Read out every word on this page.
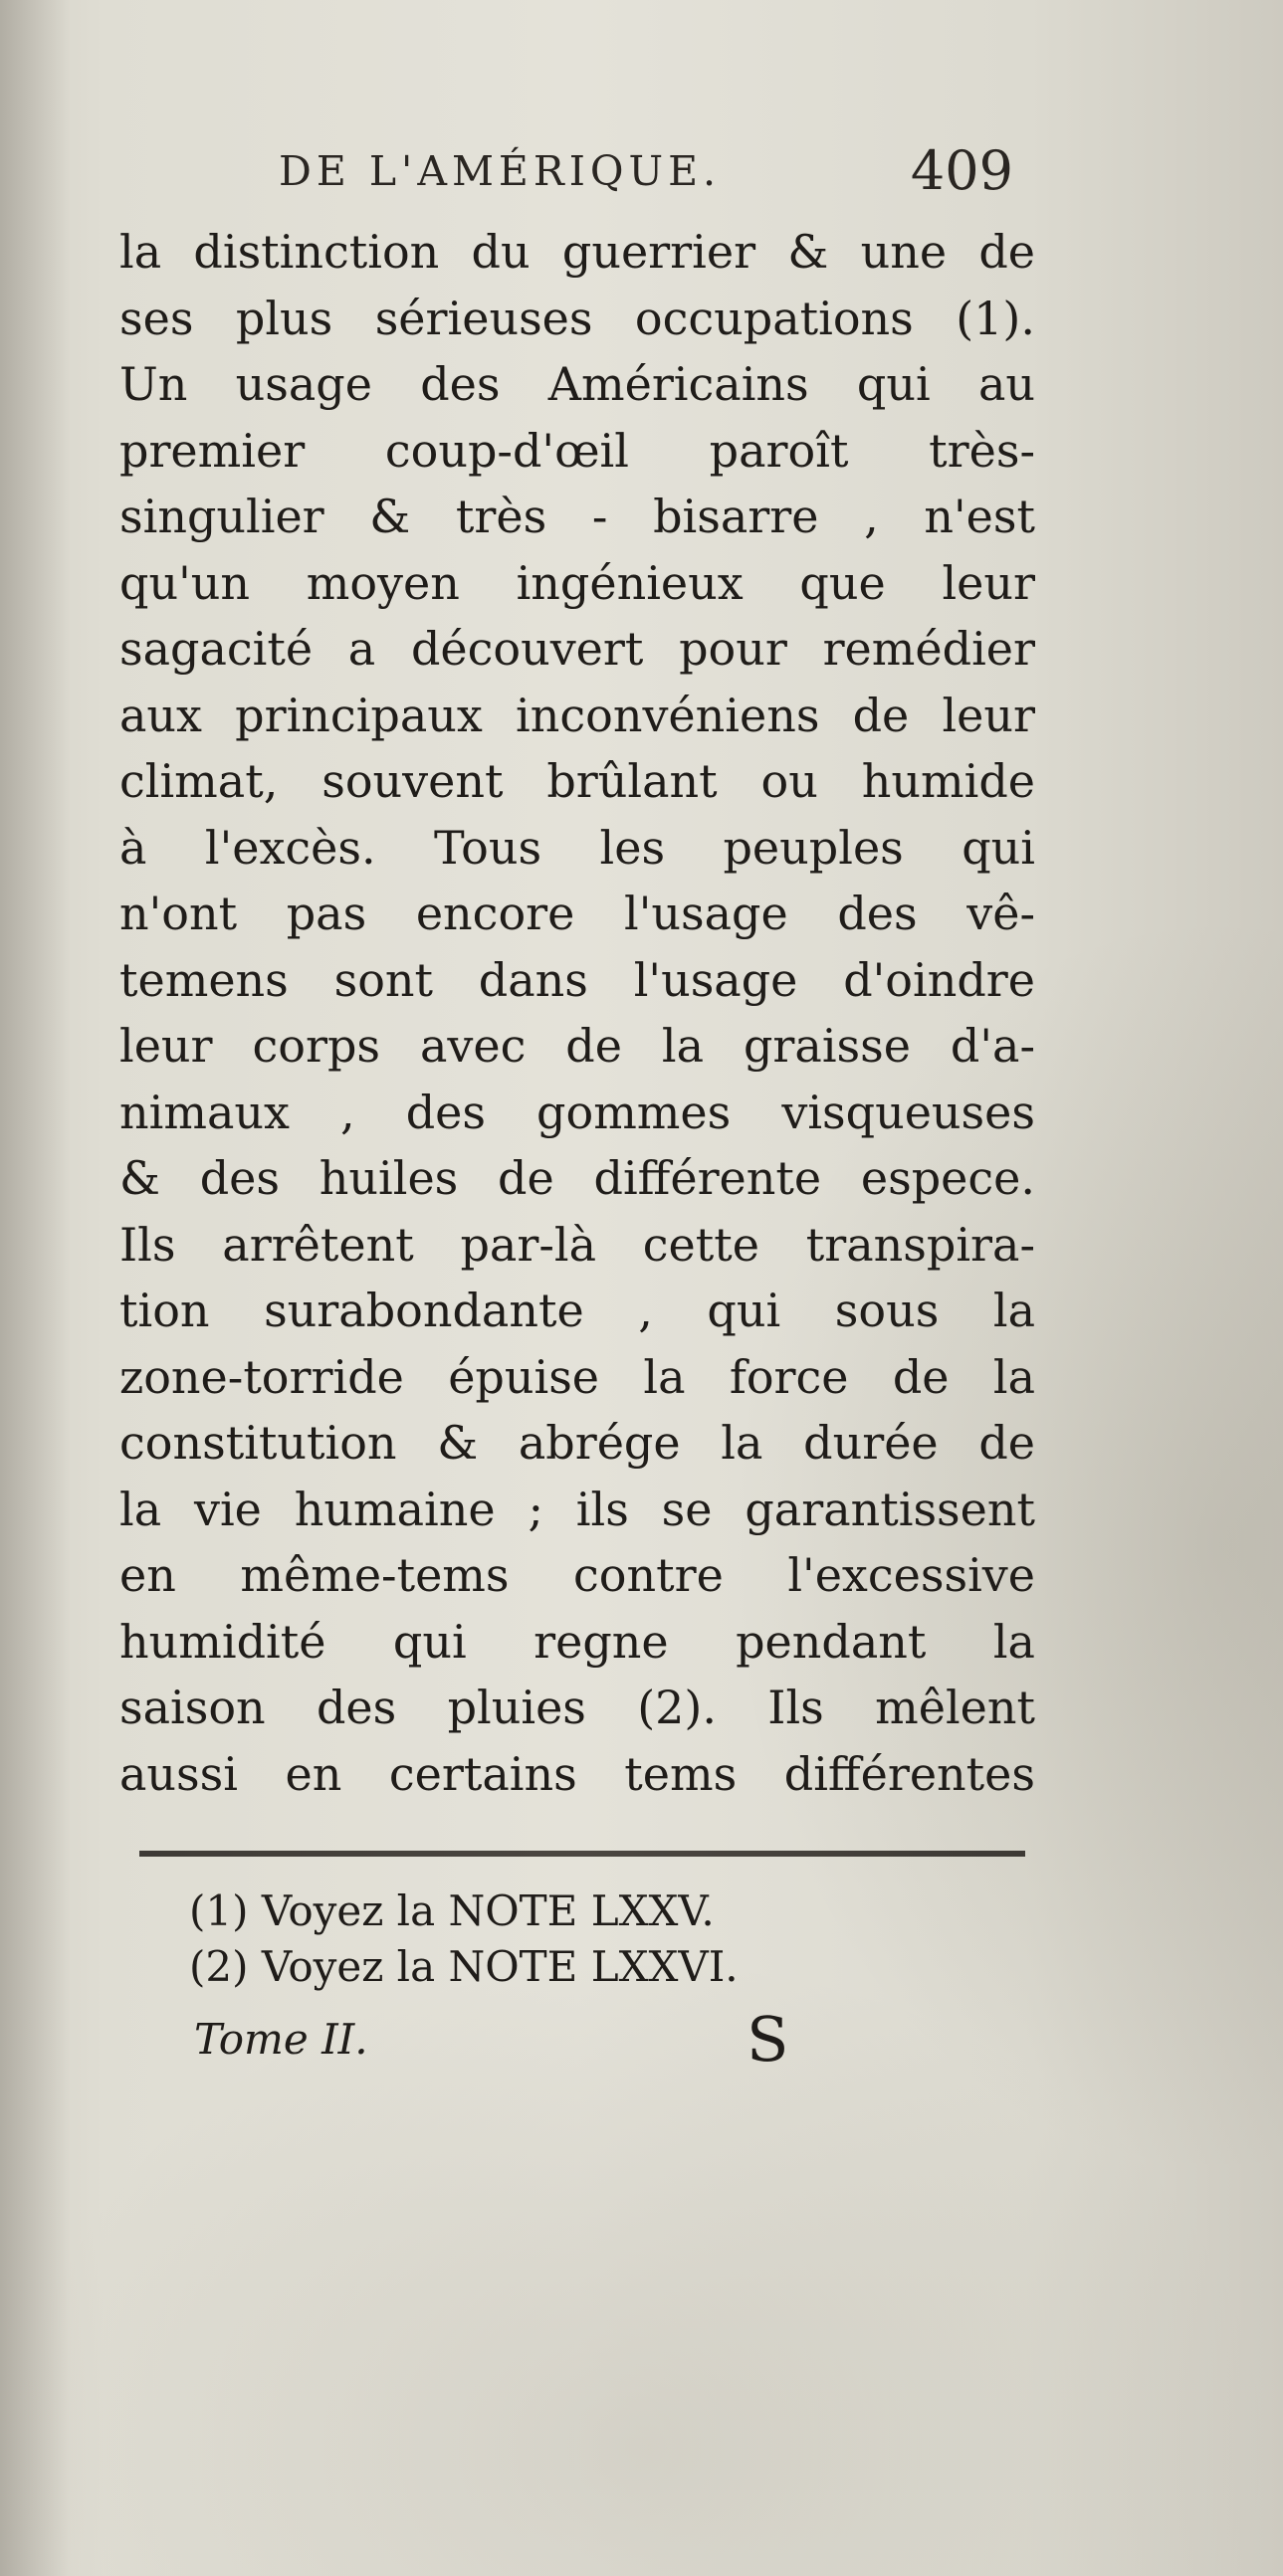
DE L'AMÉRIQUE.	409
la distinction du guerrier & une de
ses plus sérieuses occupations (1).
Un usage des Américains qui au
premier coup-d'œil paroît très-
singulier & très - bisarre , n'est
qu'un moyen ingénieux que leur
sagacité a découvert pour remédier
aux principaux inconvéniens de leur
climat, souvent brûlant ou humide
à l'excès. Tous les peuples qui
n'ont pas encore l'usage des vê-
temens sont dans l'usage d'oindre
leur corps avec de la graisse d'a-
nimaux , des gommes visqueuses
& des huiles de différente espece.
Ils arrêtent par-là cette transpira-
tion surabondante , qui sous la
zone-torride épuise la force de la
constitution & abrége la durée de
la vie humaine ; ils se garantissent
en même-tems contre l'excessive
humidité qui regne pendant la
saison des pluies (2). Ils mêlent
aussi en certains tems différentes
(1) Voyez la NOTE LXXV.
(2) Voyez la NOTE LXXVI.
Tome II.	S
